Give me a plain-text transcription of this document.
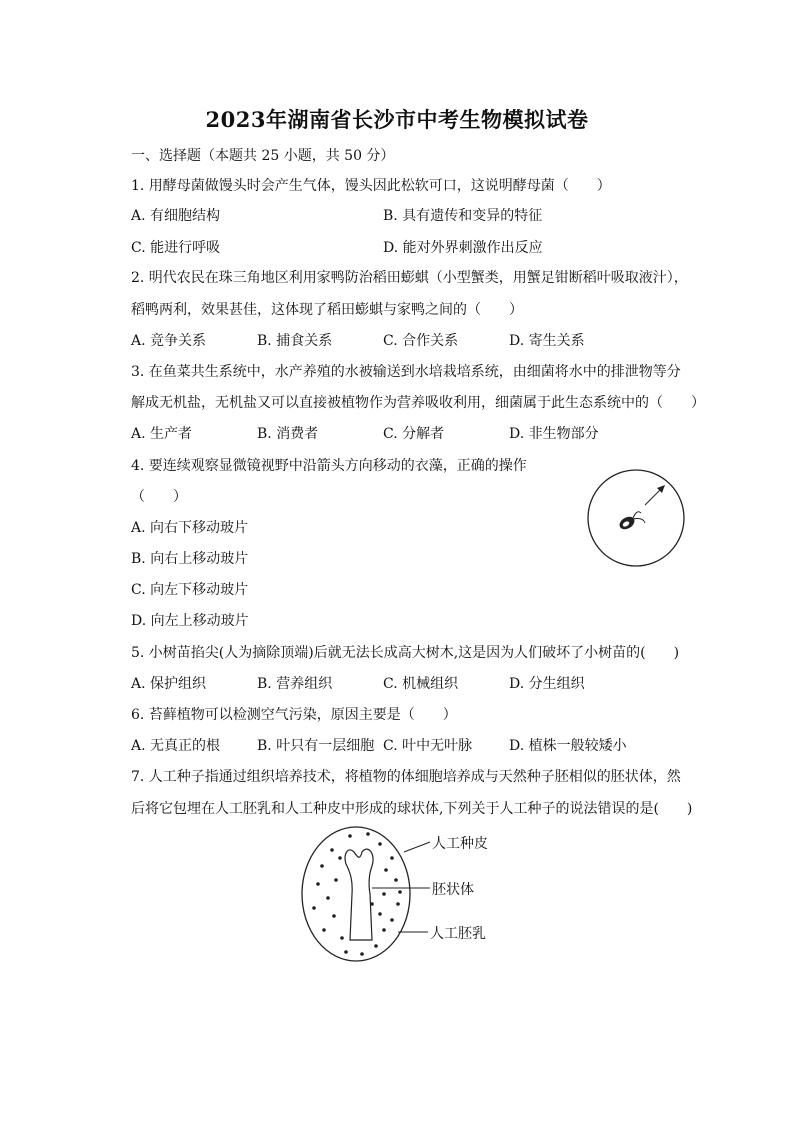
2023年湖南省长沙市中考生物模拟试卷
一、选择题（本题共 25 小题，共 50 分）
1. 用酵母菌做馒头时会产生气体，馒头因此松软可口，这说明酵母菌（　　）
A. 有细胞结构	B. 具有遗传和变异的特征
C. 能进行呼吸	D. 能对外界刺激作出反应
2. 明代农民在珠三角地区利用家鸭防治稻田蟛蜞（小型蟹类，用蟹足钳断稻叶吸取液汁），
稻鸭两利，效果甚佳，这体现了稻田蟛蜞与家鸭之间的（　　）
A. 竞争关系	B. 捕食关系	C. 合作关系	D. 寄生关系
3. 在鱼菜共生系统中，水产养殖的水被输送到水培栽培系统，由细菌将水中的排泄物等分
解成无机盐，无机盐又可以直接被植物作为营养吸收利用，细菌属于此生态系统中的（　　）
A. 生产者	B. 消费者	C. 分解者	D. 非生物部分
4. 要连续观察显微镜视野中沿箭头方向移动的衣藻，正确的操作
（　　）
A. 向右下移动玻片
B. 向右上移动玻片
C. 向左下移动玻片
D. 向左上移动玻片
5. 小树苗掐尖(人为摘除顶端)后就无法长成高大树木,这是因为人们破坏了小树苗的(　　)
A. 保护组织	B. 营养组织	C. 机械组织	D. 分生组织
6. 苔藓植物可以检测空气污染，原因主要是（　　）
A. 无真正的根	B. 叶只有一层细胞 C. 叶中无叶脉	D. 植株一般较矮小
7. 人工种子指通过组织培养技术，将植物的体细胞培养成与天然种子胚相似的胚状体，然
后将它包埋在人工胚乳和人工种皮中形成的球状体,下列关于人工种子的说法错误的是(　　)
人工种皮
胚状体
人工胚乳
